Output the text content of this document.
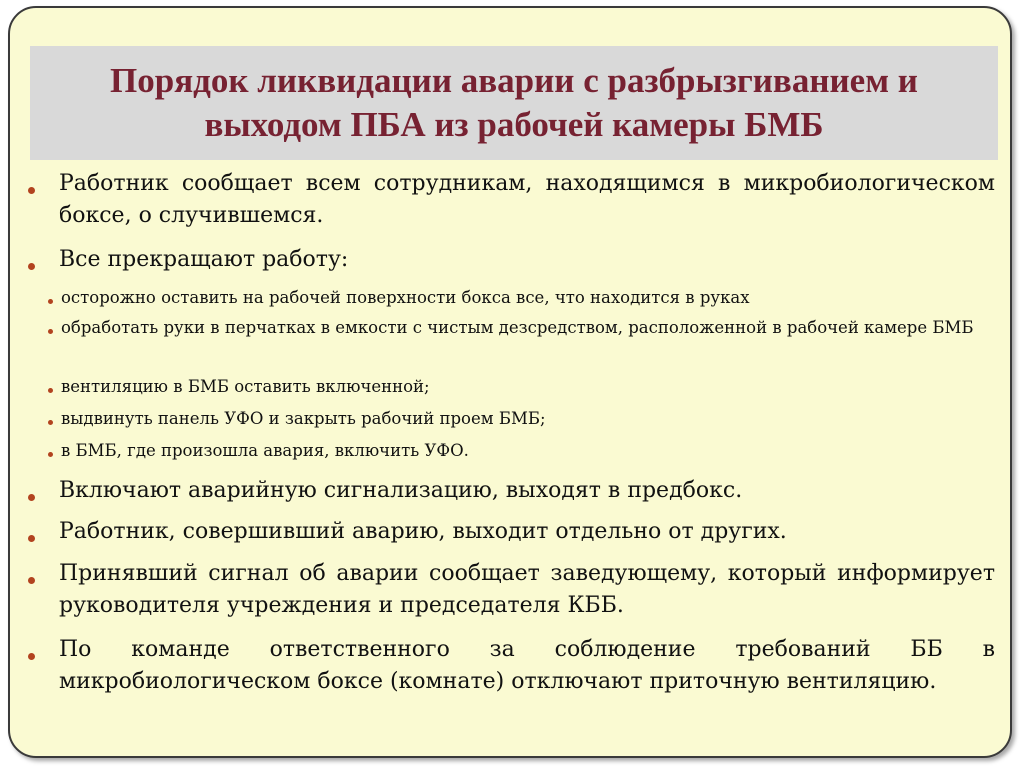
Порядок ликвидации аварии с разбрызгиванием и
выходом ПБА из рабочей камеры БМБ
Работник сообщает всем сотрудникам, находящимся в микробиологическом боксе, о случившемся.
Все прекращают работу:
осторожно оставить на рабочей поверхности бокса все, что находится в руках
обработать руки в перчатках в емкости с чистым дезсредством, расположенной в рабочей камере БМБ
вентиляцию в БМБ оставить включенной;
выдвинуть панель УФО и закрыть рабочий проем БМБ;
в БМБ, где произошла авария, включить УФО.
Включают аварийную сигнализацию, выходят в предбокс.
Работник, совершивший аварию, выходит отдельно от других.
Принявший сигнал об аварии сообщает заведующему, который информирует руководителя учреждения и председателя КББ.
По команде ответственного за соблюдение требований ББ в микробиологическом боксе (комнате) отключают приточную вентиляцию.
